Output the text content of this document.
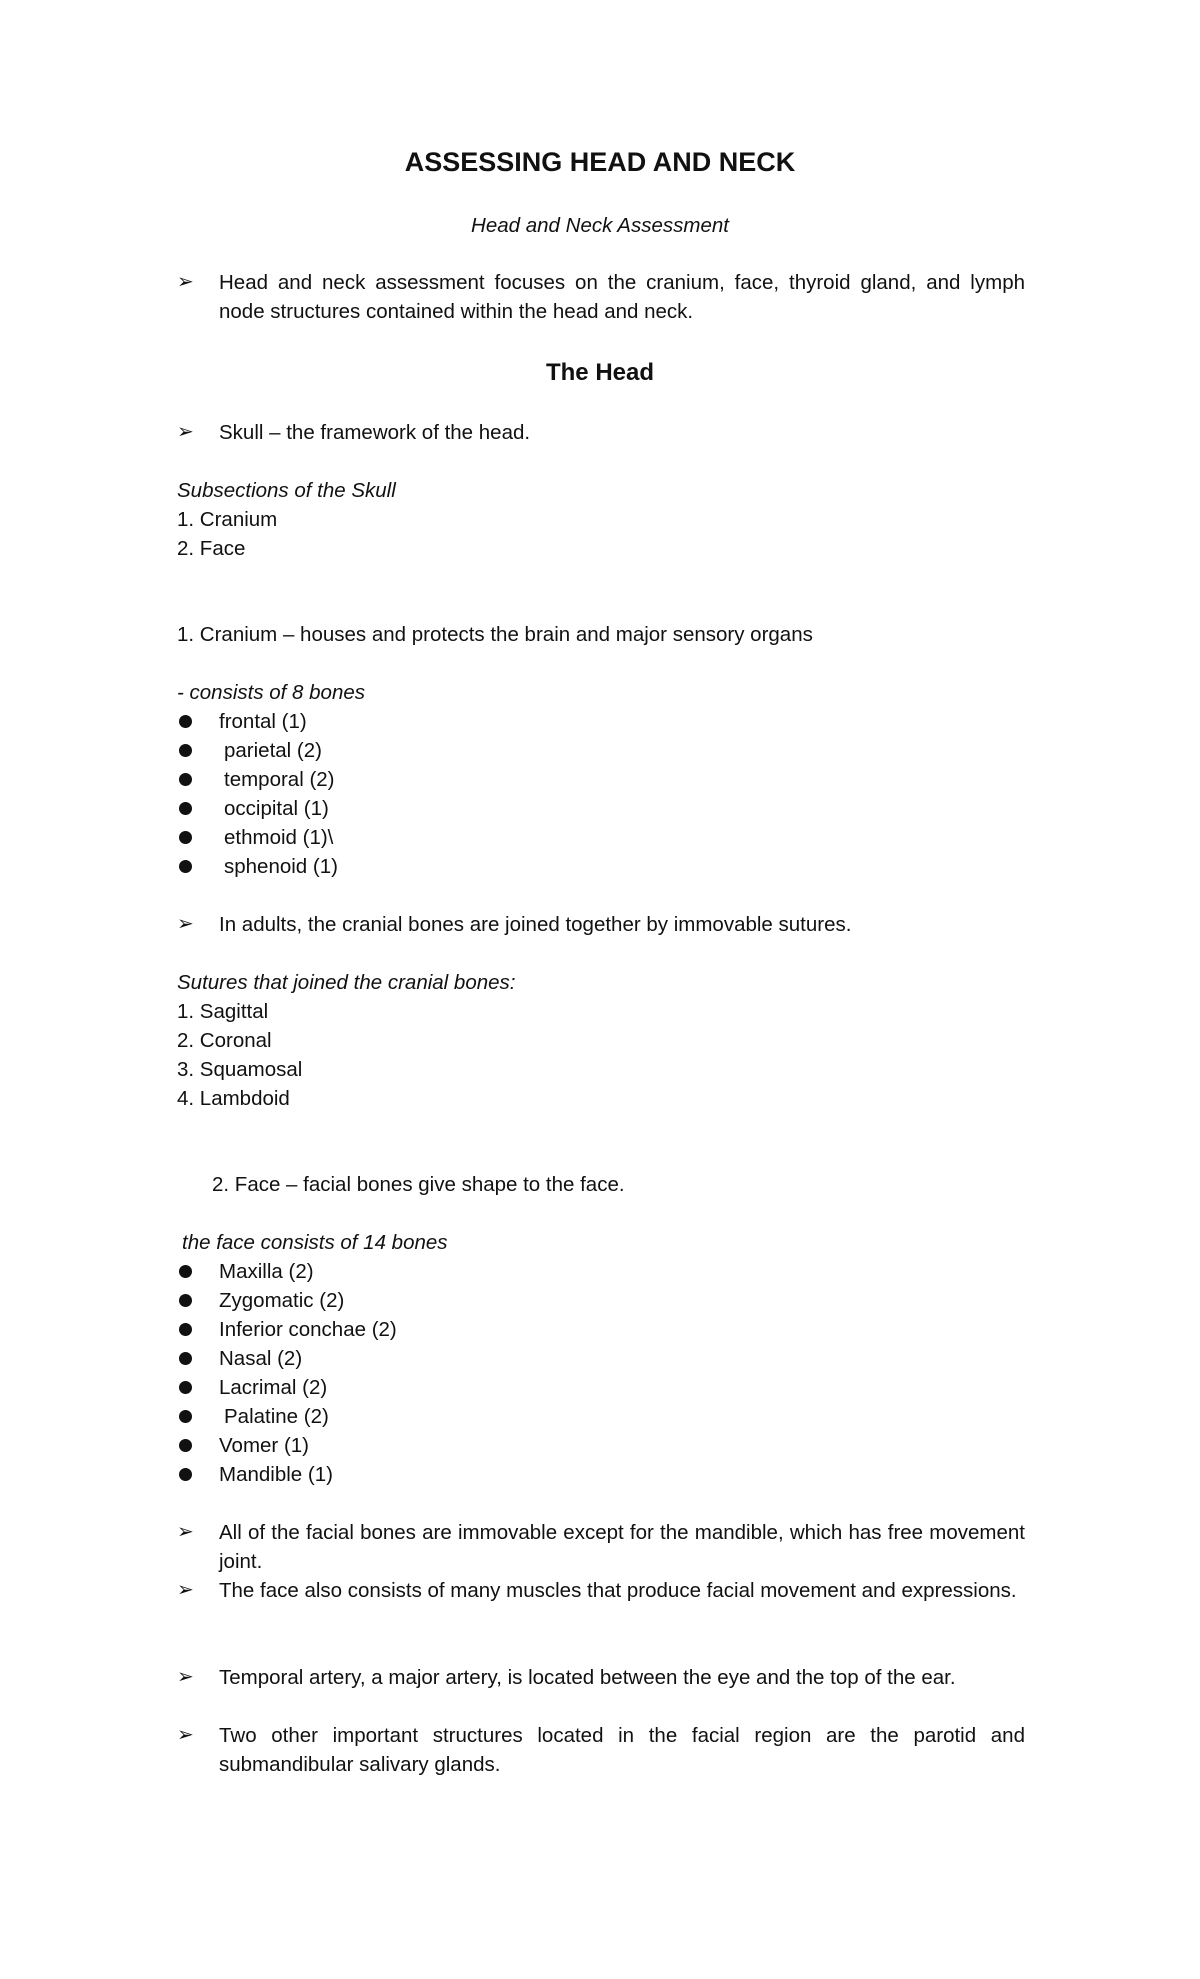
ASSESSING HEAD AND NECK
Head and Neck Assessment
➢ Head and neck assessment focuses on the cranium, face, thyroid gland, and lymph node structures contained within the head and neck.
The Head
➢ Skull – the framework of the head.
Subsections of the Skull
1. Cranium
2. Face
1. Cranium – houses and protects the brain and major sensory organs
- consists of 8 bones
frontal (1)
parietal (2)
temporal (2)
occipital (1)
ethmoid (1)\
sphenoid (1)
➢ In adults, the cranial bones are joined together by immovable sutures.
Sutures that joined the cranial bones:
1. Sagittal
2. Coronal
3. Squamosal
4. Lambdoid
2. Face – facial bones give shape to the face.
the face consists of 14 bones
Maxilla (2)
Zygomatic (2)
Inferior conchae (2)
Nasal (2)
Lacrimal (2)
Palatine (2)
Vomer (1)
Mandible (1)
➢ All of the facial bones are immovable except for the mandible, which has free movement joint.
➢ The face also consists of many muscles that produce facial movement and expressions.
➢ Temporal artery, a major artery, is located between the eye and the top of the ear.
➢ Two other important structures located in the facial region are the parotid and submandibular salivary glands.
